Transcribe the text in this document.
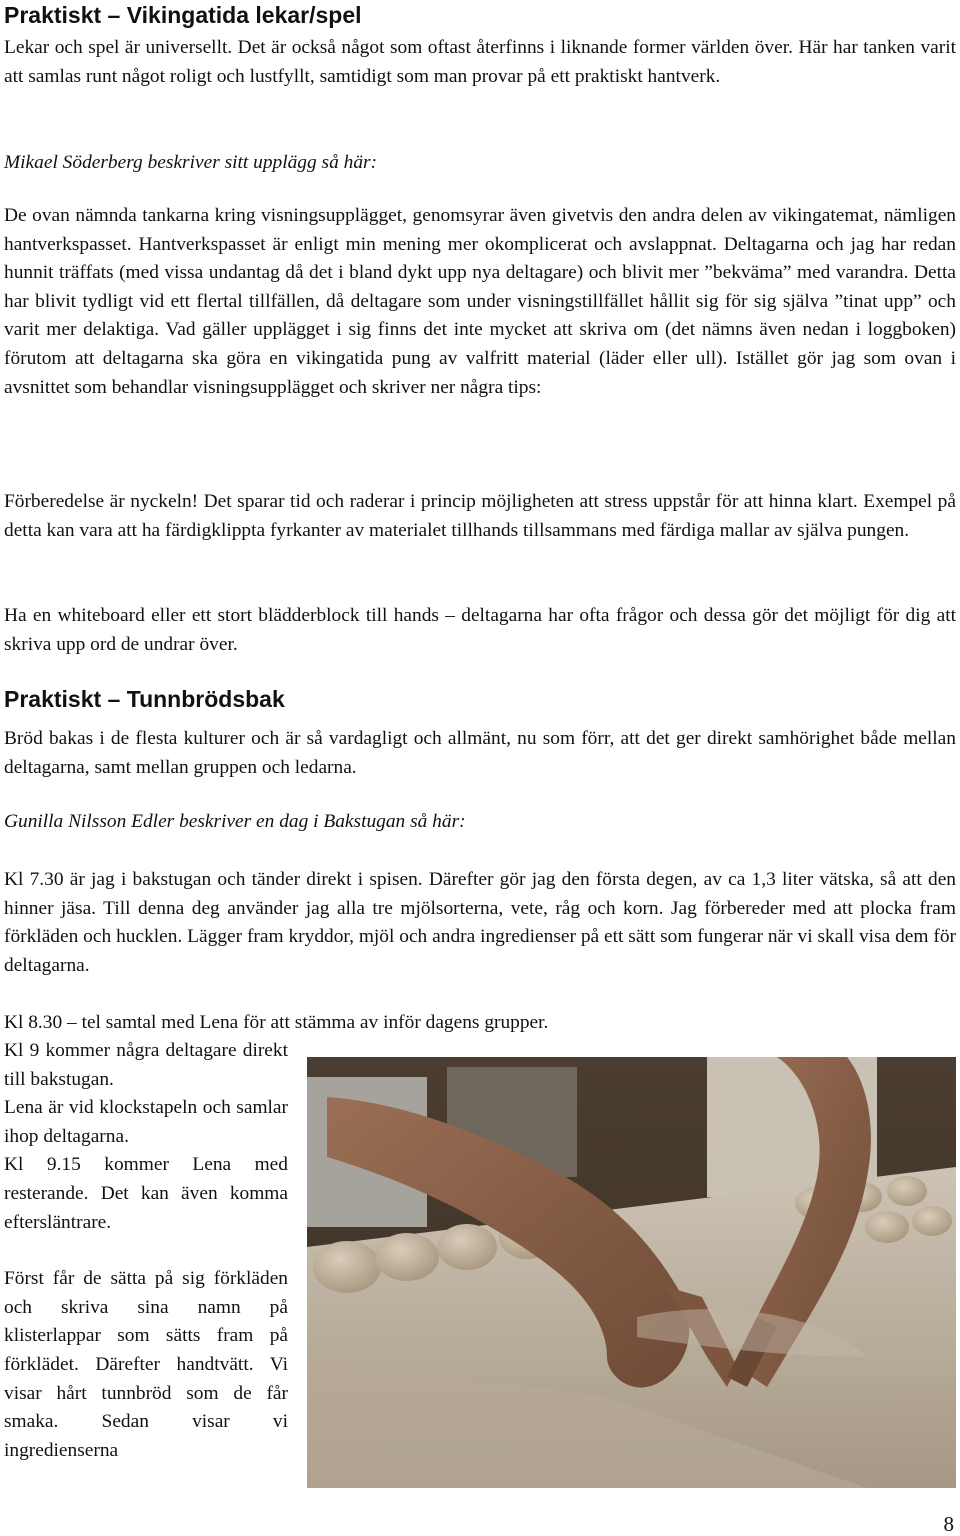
Praktiskt – Vikingatida lekar/spel

Lekar och spel är universellt. Det är också något som oftast återfinns i liknande former världen över. Här har tanken varit att samlas runt något roligt och lustfyllt, samtidigt som man provar på ett praktiskt hantverk.

Mikael Söderberg beskriver sitt upplägg så här:

De ovan nämnda tankarna kring visningsupplägget, genomsyrar även givetvis den andra delen av vikingatemat, nämligen hantverkspasset. Hantverkspasset är enligt min mening mer okomplicerat och avslappnat. Deltagarna och jag har redan hunnit träffats (med vissa undantag då det i bland dykt upp nya deltagare) och blivit mer ”bekväma” med varandra. Detta har blivit tydligt vid ett flertal tillfällen, då deltagare som under visningstillfället hållit sig för sig själva ”tinat upp” och varit mer delaktiga. Vad gäller upplägget i sig finns det inte mycket att skriva om (det nämns även nedan i loggboken) förutom att deltagarna ska göra en vikingatida pung av valfritt material (läder eller ull). Istället gör jag som ovan i avsnittet som behandlar visningsupplägget och skriver ner några tips:

Förberedelse är nyckeln! Det sparar tid och raderar i princip möjligheten att stress uppstår för att hinna klart. Exempel på detta kan vara att ha färdigklippta fyrkanter av materialet tillhands tillsammans med färdiga mallar av själva pungen.

Ha en whiteboard eller ett stort blädderblock till hands – deltagarna har ofta frågor och dessa gör det möjligt för dig att skriva upp ord de undrar över.

Praktiskt – Tunnbrödsbak

Bröd bakas i de flesta kulturer och är så vardagligt och allmänt, nu som förr, att det ger direkt samhörighet både mellan deltagarna, samt mellan gruppen och ledarna.

Gunilla Nilsson Edler beskriver en dag i Bakstugan så här:

Kl 7.30 är jag i bakstugan och tänder direkt i spisen. Därefter gör jag den första degen, av ca 1,3 liter vätska, så att den hinner jäsa. Till denna deg använder jag alla tre mjölsorterna, vete, råg och korn. Jag förbereder med att plocka fram förkläden och hucklen. Lägger fram kryddor, mjöl och andra ingredienser på ett sätt som fungerar när vi skall visa dem för deltagarna.

Kl 8.30 – tel samtal med Lena för att stämma av inför dagens grupper.

Kl 9 kommer några deltagare direkt till bakstugan.

Lena är vid klockstapeln och samlar ihop deltagarna.

Kl 9.15 kommer Lena med resterande. Det kan även komma eftersläntrare.

Först får de sätta på sig förkläden och skriva sina namn på klisterlappar som sätts fram på förklädet. Därefter handtvätt. Vi visar hårt tunnbröd som de får smaka. Sedan visar vi ingredienserna

8
